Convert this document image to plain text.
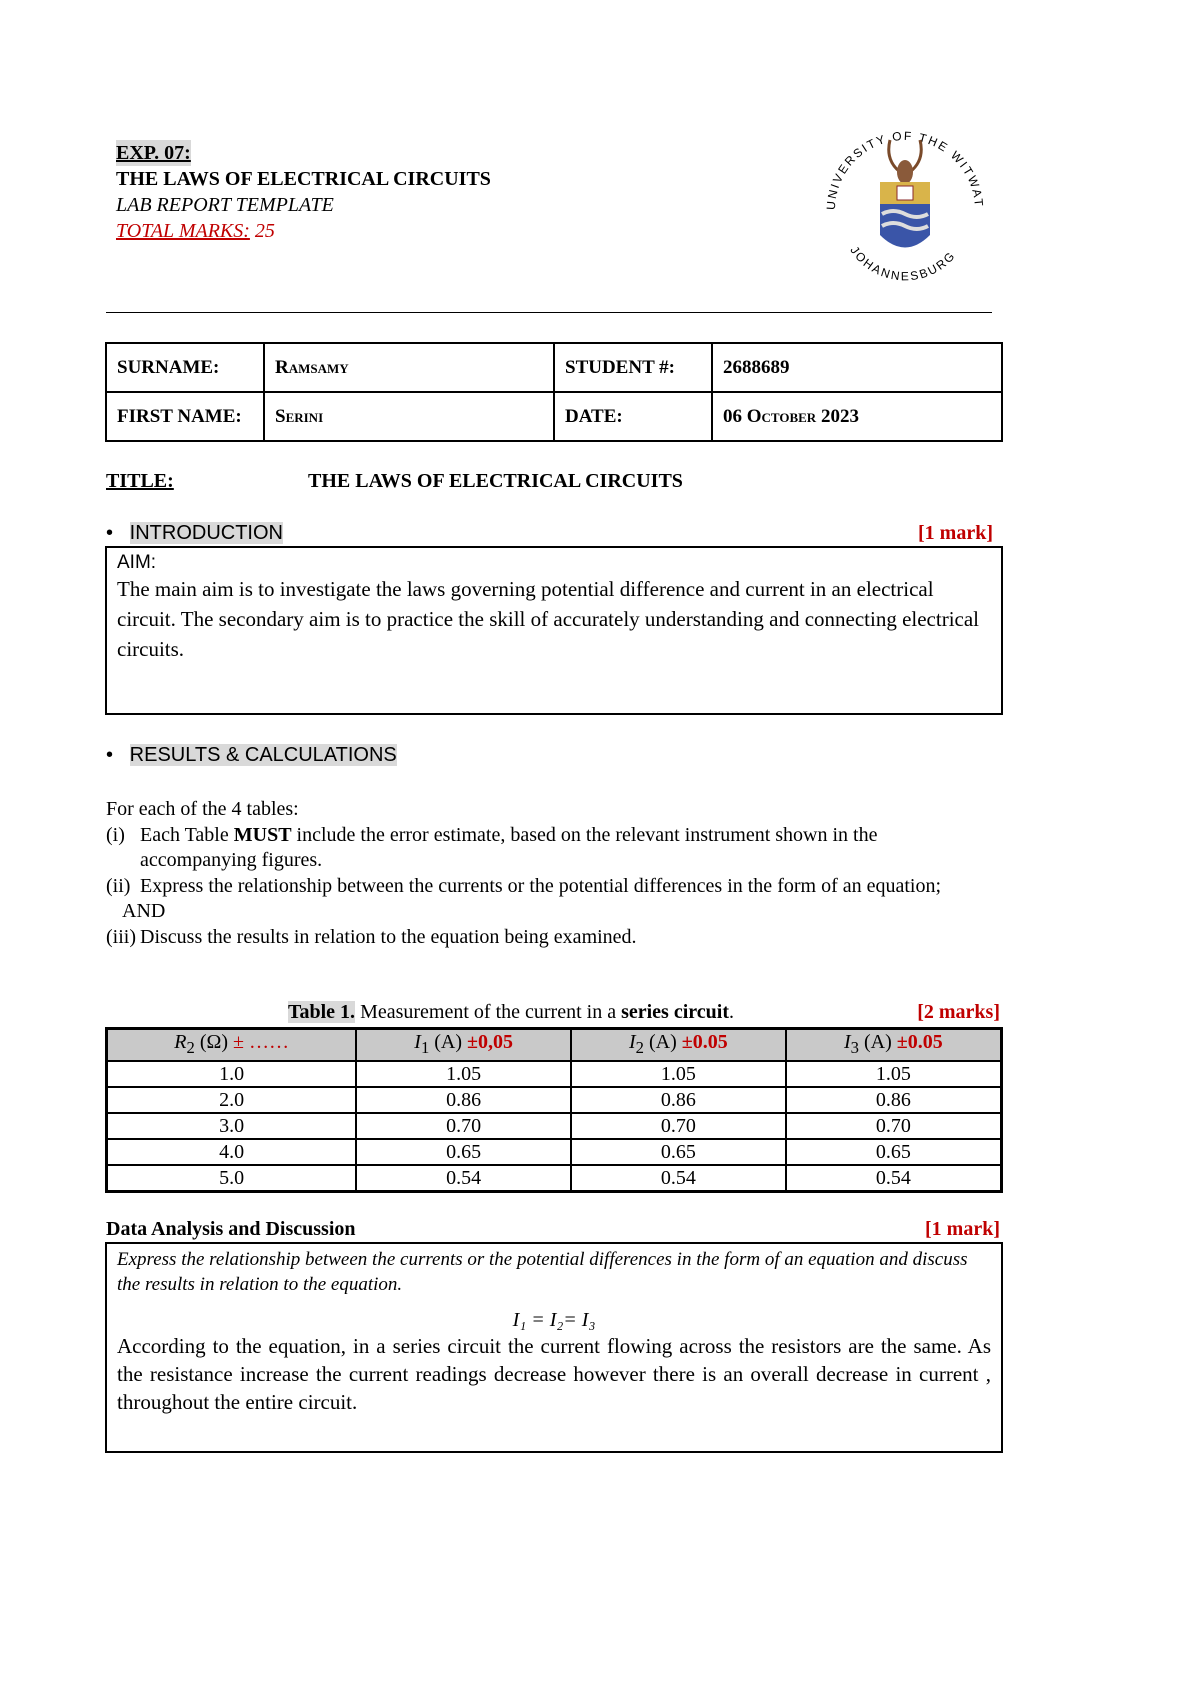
EXP. 07:
THE LAWS OF ELECTRICAL CIRCUITS
LAB REPORT TEMPLATE
TOTAL MARKS: 25
UNIVERSITY OF THE WITWAT
JOHANNESBURG
SURNAME:	Ramsamy	STUDENT #:	2688689
FIRST NAME:	Serini	DATE:	06 October 2023
TITLE:	THE LAWS OF ELECTRICAL CIRCUITS
•   INTRODUCTION	[1 mark]
AIM:
The main aim is to investigate the laws governing potential difference and current in an electrical circuit. The secondary aim is to practice the skill of accurately understanding and connecting electrical circuits.
•   RESULTS & CALCULATIONS
For each of the 4 tables:
(i) Each Table MUST include the error estimate, based on the relevant instrument shown in the accompanying figures.
(ii) Express the relationship between the currents or the potential differences in the form of an equation;
AND
(iii) Discuss the results in relation to the equation being examined.
Table 1. Measurement of the current in a series circuit.	[2 marks]
$R_2$ (Ω) ± ……	$I_1$ (A) ±0,05	$I_2$ (A) ±0.05	$I_3$ (A) ±0.05
1.0	1.05	1.05	1.05
2.0	0.86	0.86	0.86
3.0	0.70	0.70	0.70
4.0	0.65	0.65	0.65
5.0	0.54	0.54	0.54
Data Analysis and Discussion	[1 mark]
Express the relationship between the currents or the potential differences in the form of an equation and discuss the results in relation to the equation.
I₁ = I₂= I₃
According to the equation, in a series circuit the current flowing across the resistors are the same. As the resistance increase the current readings decrease however there is an overall decrease in current , throughout the entire circuit.
